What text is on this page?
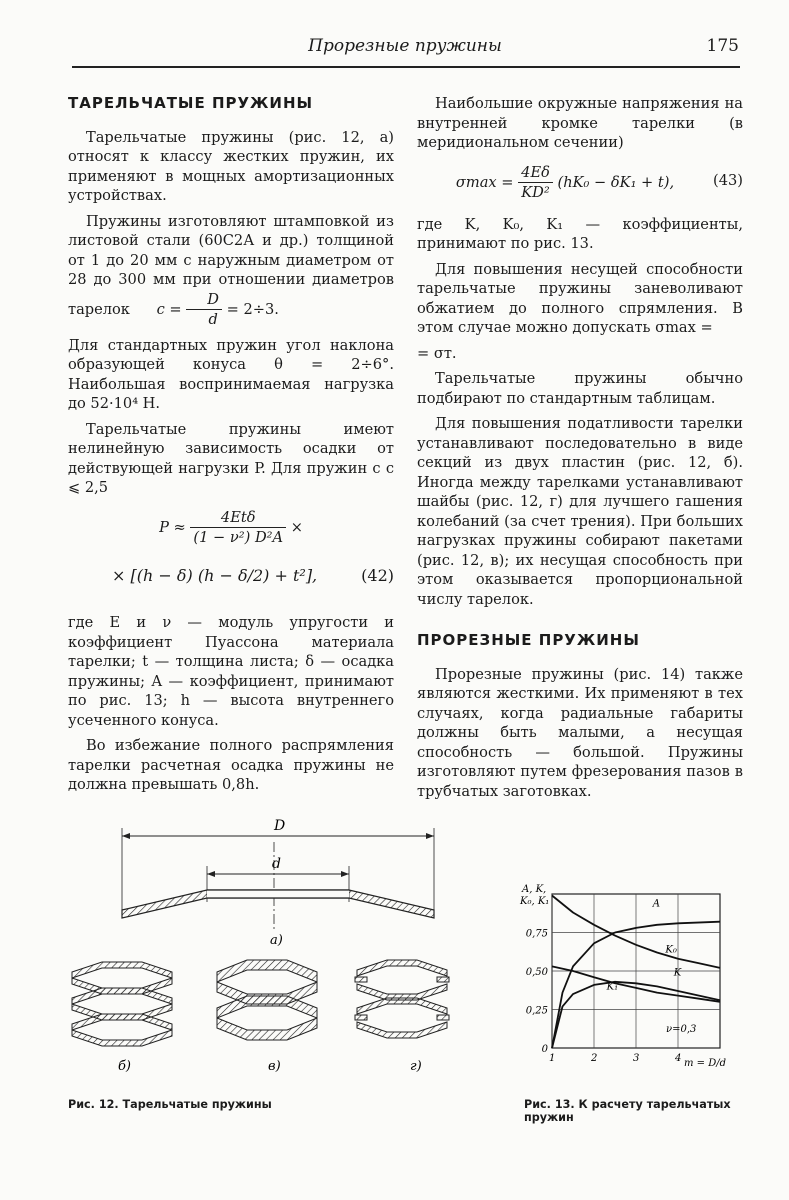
Прорезные пружины	175
ТАРЕЛЬЧАТЫЕ ПРУЖИНЫ

Тарельчатые пружины (рис. 12, а) относят к классу жестких пружин, их применяют в мощных амортизационных устройствах.

Пружины изготовляют штамповкой из листовой стали (60С2А и др.) толщиной от 1 до 20 мм с наружным диаметром от 28 до 300 мм при отношении диаметров тарелок $c = \frac{D}{d} = 2\div 3$.

Для стандартных пружин угол наклона образующей конуса θ = 2÷6°. Наибольшая воспринимаемая нагрузка до 52·10⁴ Н.

Тарельчатые пружины имеют нелинейную зависимость осадки от действующей нагрузки P. Для пружин с c ⩽ 2,5

$P \approx \frac{\text{4Etδ}}{\text{(1 − ν²) D²A}}$ ×
× [(h − δ) (h − δ/2) + t²],	(42)

где E и ν — модуль упругости и коэффициент Пуассона материала тарелки; t — толщина листа; δ — осадка пружины; A — коэффициент, принимают по рис. 13; h — высота внутреннего усеченного конуса.

Во избежание полного распрямления тарелки расчетная осадка пружины не должна превышать 0,8h.

Наибольшие окружные напряжения на внутренней кромке тарелки (в меридиональном сечении)

$\sigma\max = \frac{4E\delta}{\text{KD²}} (hK_0 - \delta K_1 + t)$,	(43)

где K, K₀, K₁ — коэффициенты, принимают по рис. 13.

Для повышения несущей способности тарельчатые пружины заневоливают обжатием до полного спрямления. В этом случае можно допускать σmax =

= σт.

Тарельчатые пружины обычно подбирают по стандартным таблицам.

Для повышения податливости тарелки устанавливают последовательно в виде секций из двух пластин (рис. 12, б). Иногда между тарелками устанавливают шайбы (рис. 12, г) для лучшего гашения колебаний (за счет трения). При больших нагрузках пружины собирают пакетами (рис. 12, в); их несущая способность при этом оказывается пропорциональной числу тарелок.

ПРОРЕЗНЫЕ ПРУЖИНЫ

Прорезные пружины (рис. 14) также являются жесткими. Их применяют в тех случаях, когда радиальные габариты должны быть малыми, а несущая способность — большой. Пружины изготовляют путем фрезерования пазов в трубчатых заготовках.

D
d
а)
б)	в)	г)
Рис. 12. Тарельчатые пружины
A, K,
K₀, K₁
1	2	3	4
0
0,25
0,50
0,75
A
K₀
K
K₁
ν=0,3
m = D/d
Рис. 13. К расчету тарельчатых пружин
